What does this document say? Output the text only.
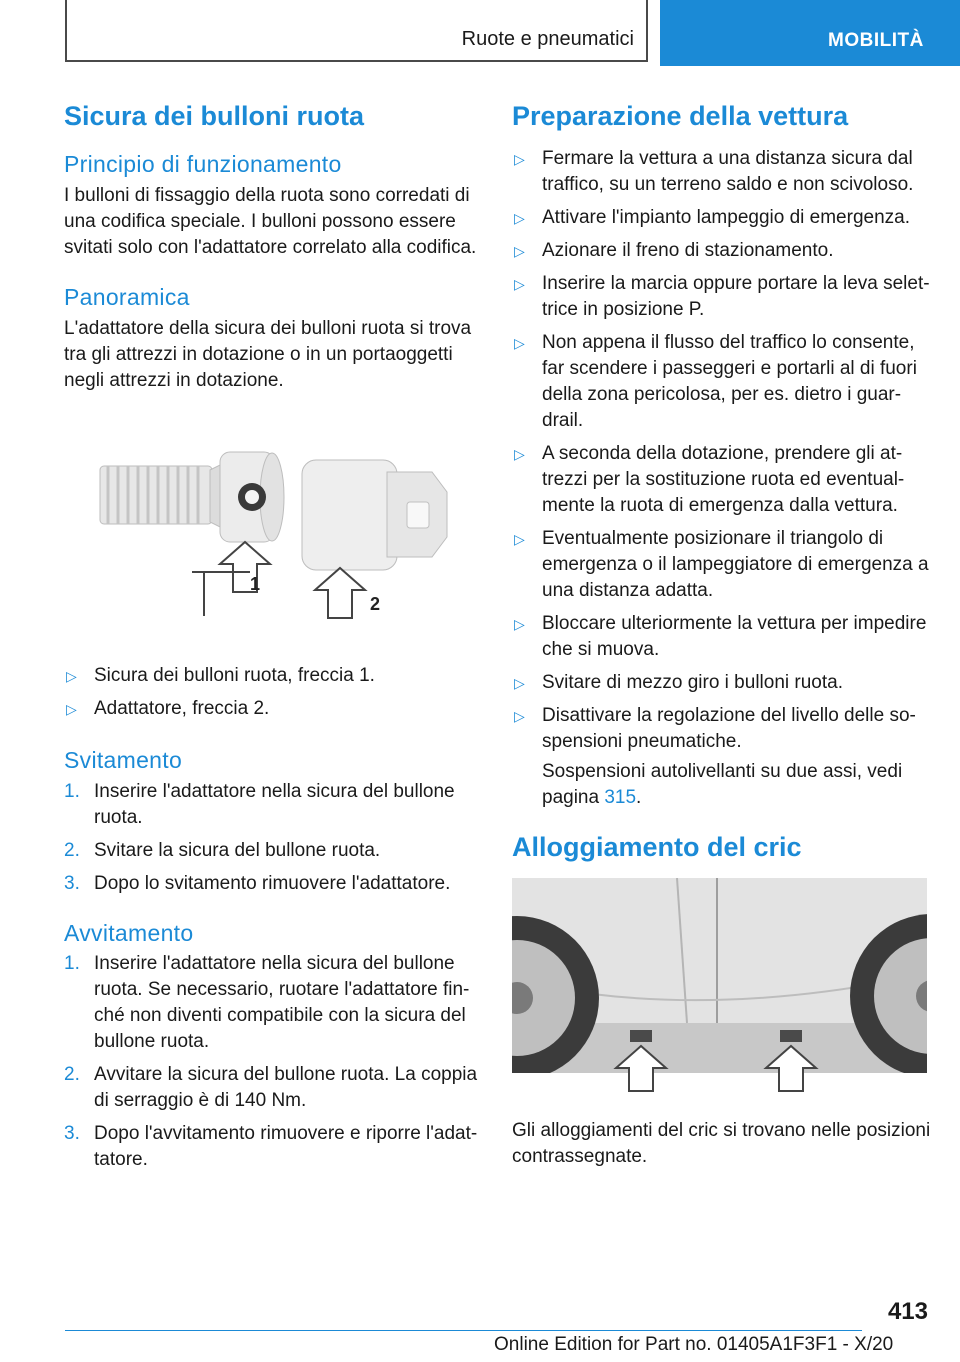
Ruote e pneumatici	MOBILITÀ
Sicura dei bulloni ruota
Principio di funzionamento

I bulloni di fissaggio della ruota sono corredati di una codifica speciale. I bulloni possono essere svitati solo con l'adattatore correlato alla codifica.

Panoramica

L'adattatore della sicura dei bulloni ruota si trova tra gli attrezzi in dotazione o in un portaoggetti negli attrezzi in dotazione.

1
2
▷ Sicura dei bulloni ruota, freccia 1.
▷ Adattatore, freccia 2.
Svitamento
1. Inserire l'adattatore nella sicura del bullone ruota.
2. Svitare la sicura del bullone ruota.
3. Dopo lo svitamento rimuovere l'adattatore.
Avvitamento
1. Inserire l'adattatore nella sicura del bullone ruota. Se necessario, ruotare l'adattatore fin-ché non diventi compatibile con la sicura del bullone ruota.
2. Avvitare la sicura del bullone ruota. La coppia di serraggio è di 140 Nm.
3. Dopo l'avvitamento rimuovere e riporre l'adat-tatore.
Preparazione della vettura
▷ Fermare la vettura a una distanza sicura dal traffico, su un terreno saldo e non scivoloso.
▷ Attivare l'impianto lampeggio di emergenza.
▷ Azionare il freno di stazionamento.
▷ Inserire la marcia oppure portare la leva selet-trice in posizione P.
▷ Non appena il flusso del traffico lo consente, far scendere i passeggeri e portarli al di fuori della zona pericolosa, per es. dietro i guar-drail.
▷ A seconda della dotazione, prendere gli at-trezzi per la sostituzione ruota ed eventual-mente la ruota di emergenza dalla vettura.
▷ Eventualmente posizionare il triangolo di emergenza o il lampeggiatore di emergenza a una distanza adatta.
▷ Bloccare ulteriormente la vettura per impedire che si muova.
▷ Svitare di mezzo giro i bulloni ruota.
▷ Disattivare la regolazione del livello delle so-spensioni pneumatiche.

Sospensioni autolivellanti su due assi, vedi pagina 315.

Alloggiamento del cric

Gli alloggiamenti del cric si trovano nelle posizioni contrassegnate.

413
Online Edition for Part no. 01405A1F3F1 - X/20
